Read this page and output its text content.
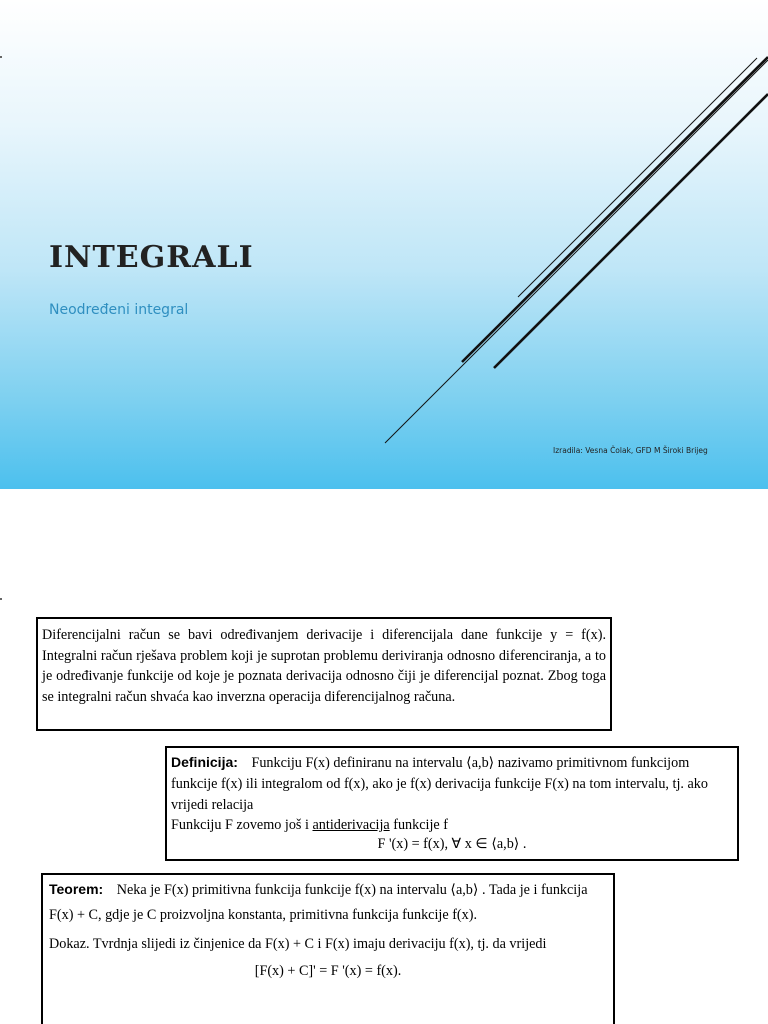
INTEGRALI
Neodređeni integral
Izradila: Vesna Čolak, GFD M Široki Brijeg
Diferencijalni račun se bavi određivanjem derivacije i diferencijala dane funkcije y = f(x). Integralni račun rješava problem koji je suprotan problemu deriviranja odnosno diferenciranja, a to je određivanje funkcije od koje je poznata derivacija odnosno čiji je diferencijal poznat. Zbog toga se integralni račun shvaća kao inverzna operacija diferencijalnog računa.
Definicija: Funkciju F(x) definiranu na intervalu ⟨a,b⟩ nazivamo primitivnom funkcijom funkcije f(x) ili integralom od f(x), ako je f(x) derivacija funkcije F(x) na tom intervalu, tj. ako vrijedi relacija
Funkciju F zovemo još i antiderivacija funkcije f
F '(x) = f(x), ∀ x ∈ ⟨a,b⟩ .
Teorem: Neka je F(x) primitivna funkcija funkcije f(x) na intervalu ⟨a,b⟩ . Tada je i funkcija F(x) + C, gdje je C proizvoljna konstanta, primitivna funkcija funkcije f(x).
Dokaz. Tvrdnja slijedi iz činjenice da F(x) + C i F(x) imaju derivaciju f(x), tj. da vrijedi
[F(x) + C]' = F '(x) = f(x).
